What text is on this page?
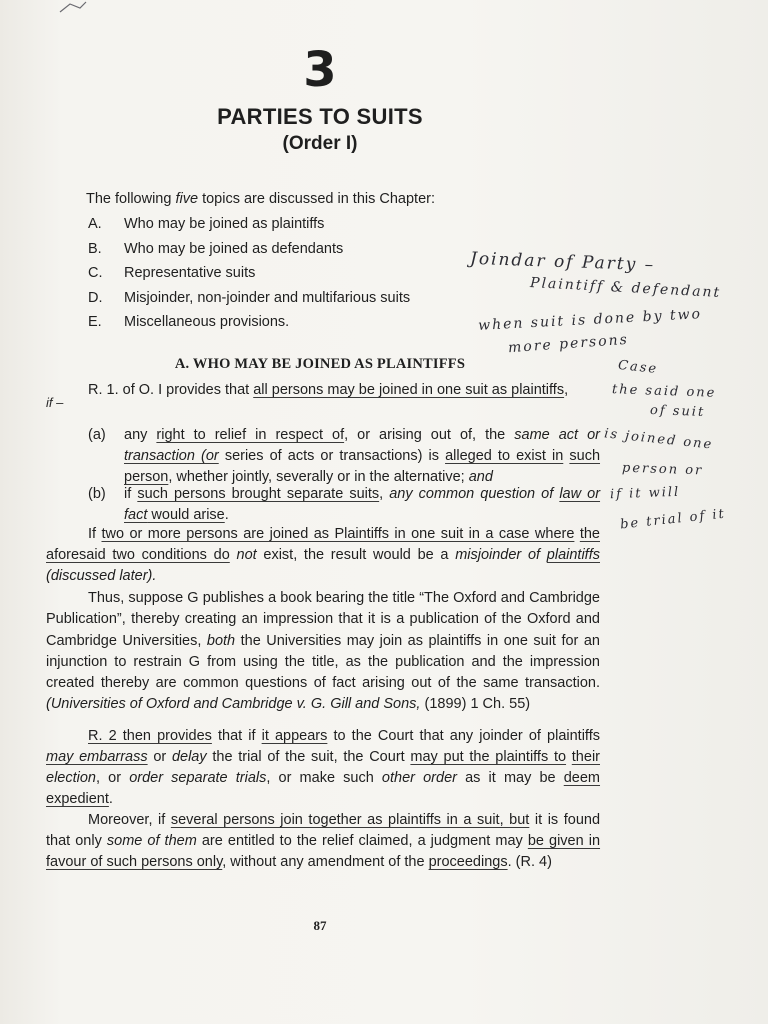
3
PARTIES TO SUITS
(Order I)
The following five topics are discussed in this Chapter:
A.	Who may be joined as plaintiffs
B.	Who may be joined as defendants
C.	Representative suits
D.	Misjoinder, non-joinder and multifarious suits
E.	Miscellaneous provisions.
Joindar of Party –
Plaintiff & defendant
when suit is done by two
more persons
Case
the said one
of suit
is joined one
person or
if it will
be trial of it
A. WHO MAY BE JOINED AS PLAINTIFFS
R. 1. of O. I provides that all persons may be joined in one suit as plaintiffs,
if –
(a) any right to relief in respect of, or arising out of, the same act or transaction (or series of acts or transactions) is alleged to exist in such person, whether jointly, severally or in the alternative; and
(b) if such persons brought separate suits, any common question of law or fact would arise.
If two or more persons are joined as Plaintiffs in one suit in a case where the aforesaid two conditions do not exist, the result would be a misjoinder of plaintiffs (discussed later).
Thus, suppose G publishes a book bearing the title “The Oxford and Cambridge Publication”, thereby creating an impression that it is a publication of the Oxford and Cambridge Universities, both the Universities may join as plaintiffs in one suit for an injunction to restrain G from using the title, as the publication and the impression created thereby are common questions of fact arising out of the same transaction. (Universities of Oxford and Cambridge v. G. Gill and Sons, (1899) 1 Ch. 55)
R. 2 then provides that if it appears to the Court that any joinder of plaintiffs may embarrass or delay the trial of the suit, the Court may put the plaintiffs to their election, or order separate trials, or make such other order as it may be deem expedient.
Moreover, if several persons join together as plaintiffs in a suit, but it is found that only some of them are entitled to the relief claimed, a judgment may be given in favour of such persons only, without any amendment of the proceedings. (R. 4)
87
